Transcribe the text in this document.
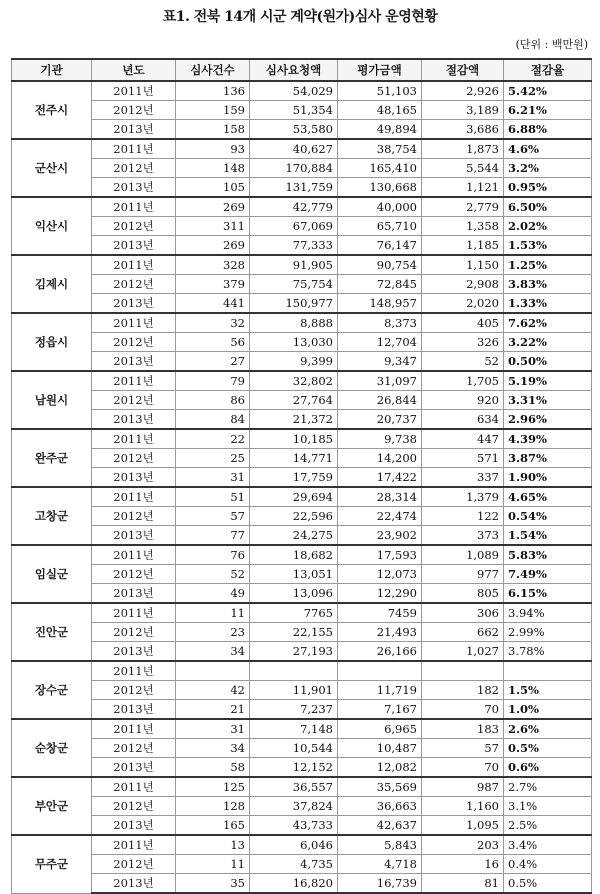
표1. 전북 14개 시군 계약(원가)심사 운영현황
(단위 : 백만원)
기관	년도	심사건수	심사요청액	평가금액	절감액	절감율
전주시	2011년	136	54,029	51,103	2,926	5.42%
	2012년	159	51,354	48,165	3,189	6.21%
	2013년	158	53,580	49,894	3,686	6.88%
군산시	2011년	93	40,627	38,754	1,873	4.6%
	2012년	148	170,884	165,410	5,544	3.2%
	2013년	105	131,759	130,668	1,121	0.95%
익산시	2011년	269	42,779	40,000	2,779	6.50%
	2012년	311	67,069	65,710	1,358	2.02%
	2013년	269	77,333	76,147	1,185	1.53%
김제시	2011년	328	91,905	90,754	1,150	1.25%
	2012년	379	75,754	72,845	2,908	3.83%
	2013년	441	150,977	148,957	2,020	1.33%
정읍시	2011년	32	8,888	8,373	405	7.62%
	2012년	56	13,030	12,704	326	3.22%
	2013년	27	9,399	9,347	52	0.50%
남원시	2011년	79	32,802	31,097	1,705	5.19%
	2012년	86	27,764	26,844	920	3.31%
	2013년	84	21,372	20,737	634	2.96%
완주군	2011년	22	10,185	9,738	447	4.39%
	2012년	25	14,771	14,200	571	3.87%
	2013년	31	17,759	17,422	337	1.90%
고창군	2011년	51	29,694	28,314	1,379	4.65%
	2012년	57	22,596	22,474	122	0.54%
	2013년	77	24,275	23,902	373	1.54%
임실군	2011년	76	18,682	17,593	1,089	5.83%
	2012년	52	13,051	12,073	977	7.49%
	2013년	49	13,096	12,290	805	6.15%
진안군	2011년	11	7765	7459	306	3.94%
	2012년	23	22,155	21,493	662	2.99%
	2013년	34	27,193	26,166	1,027	3.78%
장수군	2011년					
	2012년	42	11,901	11,719	182	1.5%
	2013년	21	7,237	7,167	70	1.0%
순창군	2011년	31	7,148	6,965	183	2.6%
	2012년	34	10,544	10,487	57	0.5%
	2013년	58	12,152	12,082	70	0.6%
부안군	2011년	125	36,557	35,569	987	2.7%
	2012년	128	37,824	36,663	1,160	3.1%
	2013년	165	43,733	42,637	1,095	2.5%
무주군	2011년	13	6,046	5,843	203	3.4%
	2012년	11	4,735	4,718	16	0.4%
	2013년	35	16,820	16,739	81	0.5%
